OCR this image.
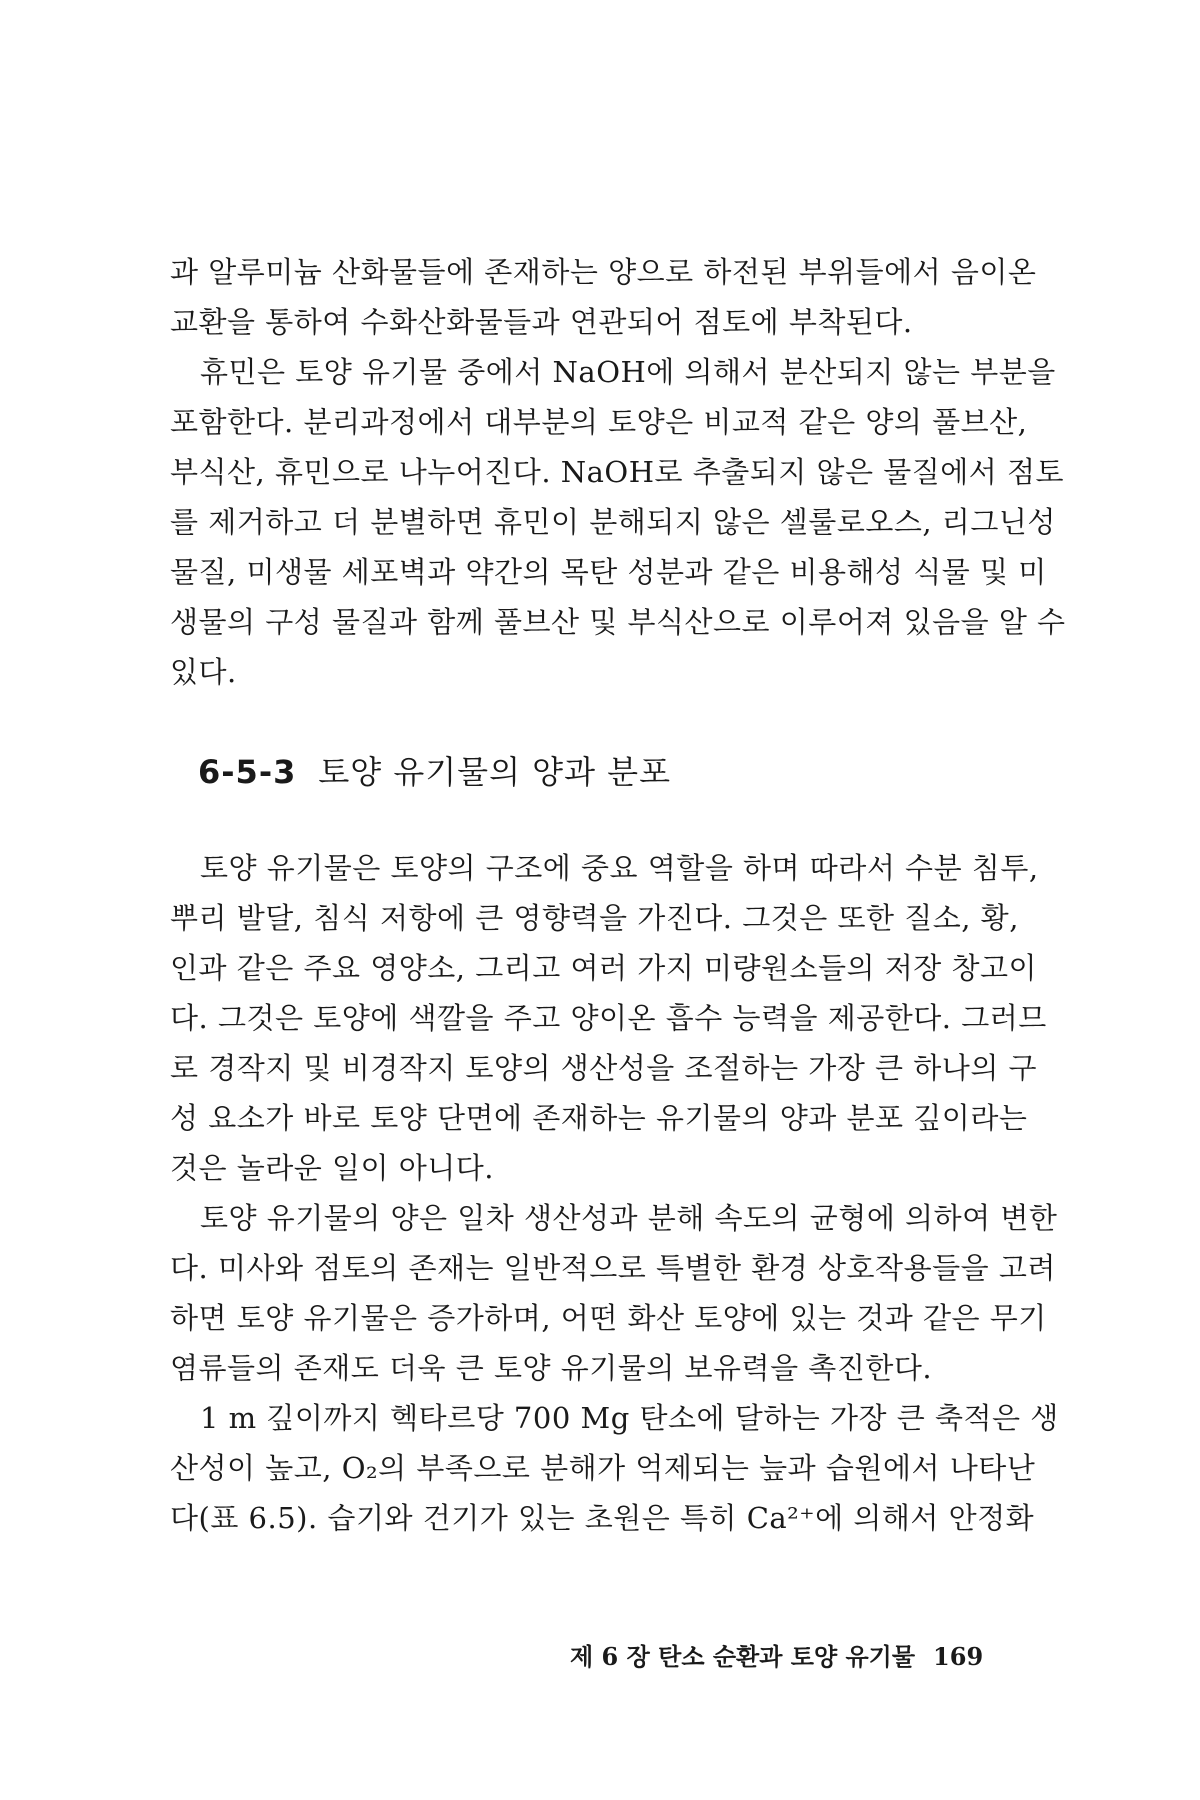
과 알루미늄 산화물들에 존재하는 양으로 하전된 부위들에서 음이온
교환을 통하여 수화산화물들과 연관되어 점토에 부착된다.
휴민은 토양 유기물 중에서 NaOH에 의해서 분산되지 않는 부분을
포함한다. 분리과정에서 대부분의 토양은 비교적 같은 양의 풀브산,
부식산, 휴민으로 나누어진다. NaOH로 추출되지 않은 물질에서 점토
를 제거하고 더 분별하면 휴민이 분해되지 않은 셀룰로오스, 리그닌성
물질, 미생물 세포벽과 약간의 목탄 성분과 같은 비용해성 식물 및 미
생물의 구성 물질과 함께 풀브산 및 부식산으로 이루어져 있음을 알 수
있다.
6-5-3 토양 유기물의 양과 분포
토양 유기물은 토양의 구조에 중요 역할을 하며 따라서 수분 침투,
뿌리 발달, 침식 저항에 큰 영향력을 가진다. 그것은 또한 질소, 황,
인과 같은 주요 영양소, 그리고 여러 가지 미량원소들의 저장 창고이
다. 그것은 토양에 색깔을 주고 양이온 흡수 능력을 제공한다. 그러므
로 경작지 및 비경작지 토양의 생산성을 조절하는 가장 큰 하나의 구
성 요소가 바로 토양 단면에 존재하는 유기물의 양과 분포 깊이라는
것은 놀라운 일이 아니다.
토양 유기물의 양은 일차 생산성과 분해 속도의 균형에 의하여 변한
다. 미사와 점토의 존재는 일반적으로 특별한 환경 상호작용들을 고려
하면 토양 유기물은 증가하며, 어떤 화산 토양에 있는 것과 같은 무기
염류들의 존재도 더욱 큰 토양 유기물의 보유력을 촉진한다.
1 m 깊이까지 헥타르당 700 Mg 탄소에 달하는 가장 큰 축적은 생
산성이 높고, O₂의 부족으로 분해가 억제되는 늪과 습원에서 나타난
다(표 6.5). 습기와 건기가 있는 초원은 특히 Ca²⁺에 의해서 안정화
제 6 장 탄소 순환과 토양 유기물 169
